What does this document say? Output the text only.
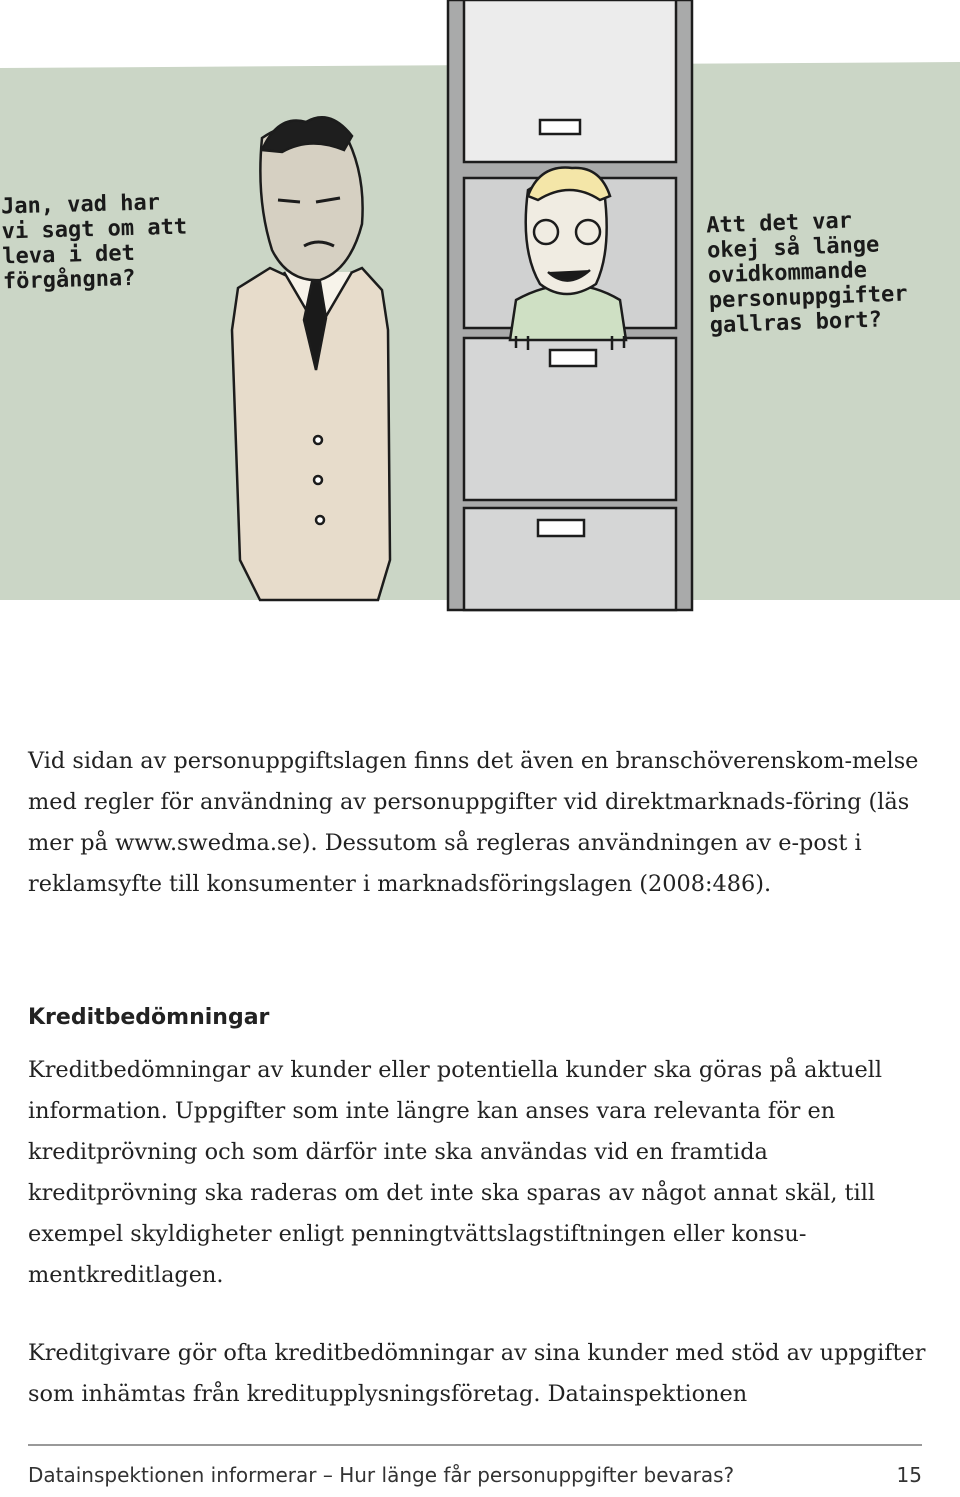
Jan, vad har
vi sagt om att
leva i det
förgångna?
Att det var
okej så länge
ovidkommande
personuppgifter
gallras bort?

Vid sidan av personuppgiftslagen finns det även en branschöverenskom-melse med regler för användning av personuppgifter vid direktmarknads-föring (läs mer på www.swedma.se). Dessutom så regleras användningen av e-post i reklamsyfte till konsumenter i marknadsföringslagen (2008:486).

Kreditbedömningar

Kreditbedömningar av kunder eller potentiella kunder ska göras på aktuell information. Uppgifter som inte längre kan anses vara relevanta för en kreditprövning och som därför inte ska användas vid en framtida kreditprövning ska raderas om det inte ska sparas av något annat skäl, till exempel skyldigheter enligt penningtvättslagstiftningen eller konsu-mentkreditlagen.

Kreditgivare gör ofta kreditbedömningar av sina kunder med stöd av uppgifter som inhämtas från kreditupplysningsföretag. Datainspektionen

Datainspektionen informerar – Hur länge får personuppgifter bevaras?	15
